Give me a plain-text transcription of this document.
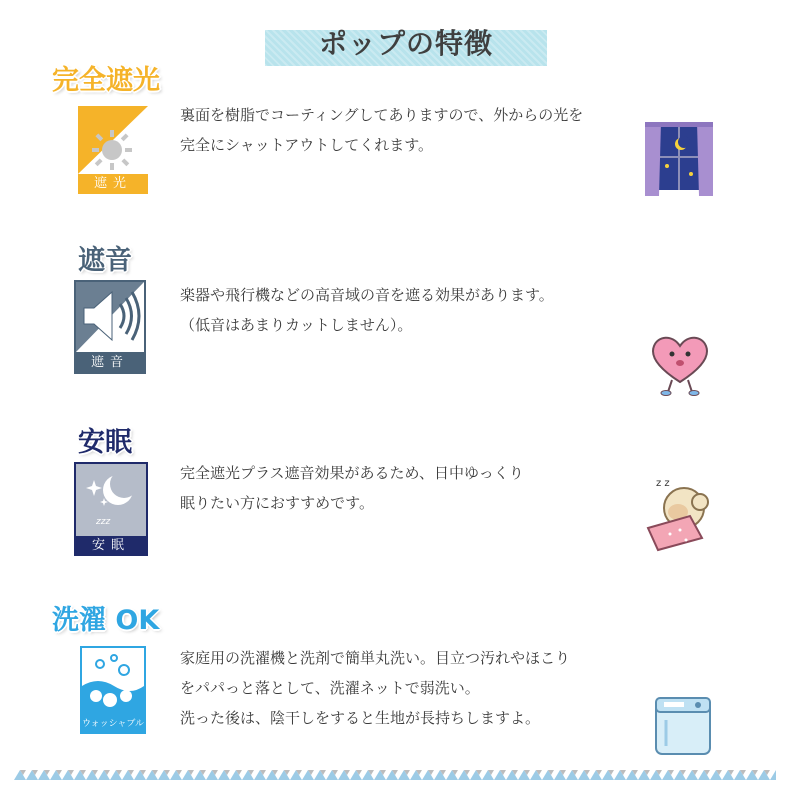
ポップの特徴
完全遮光
遮光

裏面を樹脂でコーティングしてありますので、外からの光を

完全にシャットアウトしてくれます。

遮音
遮音

楽器や飛行機などの高音域の音を遮る効果があります。

（低音はあまりカットしません）。

安眠
zzz
安眠

完全遮光プラス遮音効果があるため、日中ゆっくり

眠りたい方におすすめです。

z z
洗濯 OK
ウォッシャブル

家庭用の洗濯機と洗剤で簡単丸洗い。目立つ汚れやほこり

をパパっと落として、洗濯ネットで弱洗い。

洗った後は、陰干しをすると生地が長持ちしますよ。
